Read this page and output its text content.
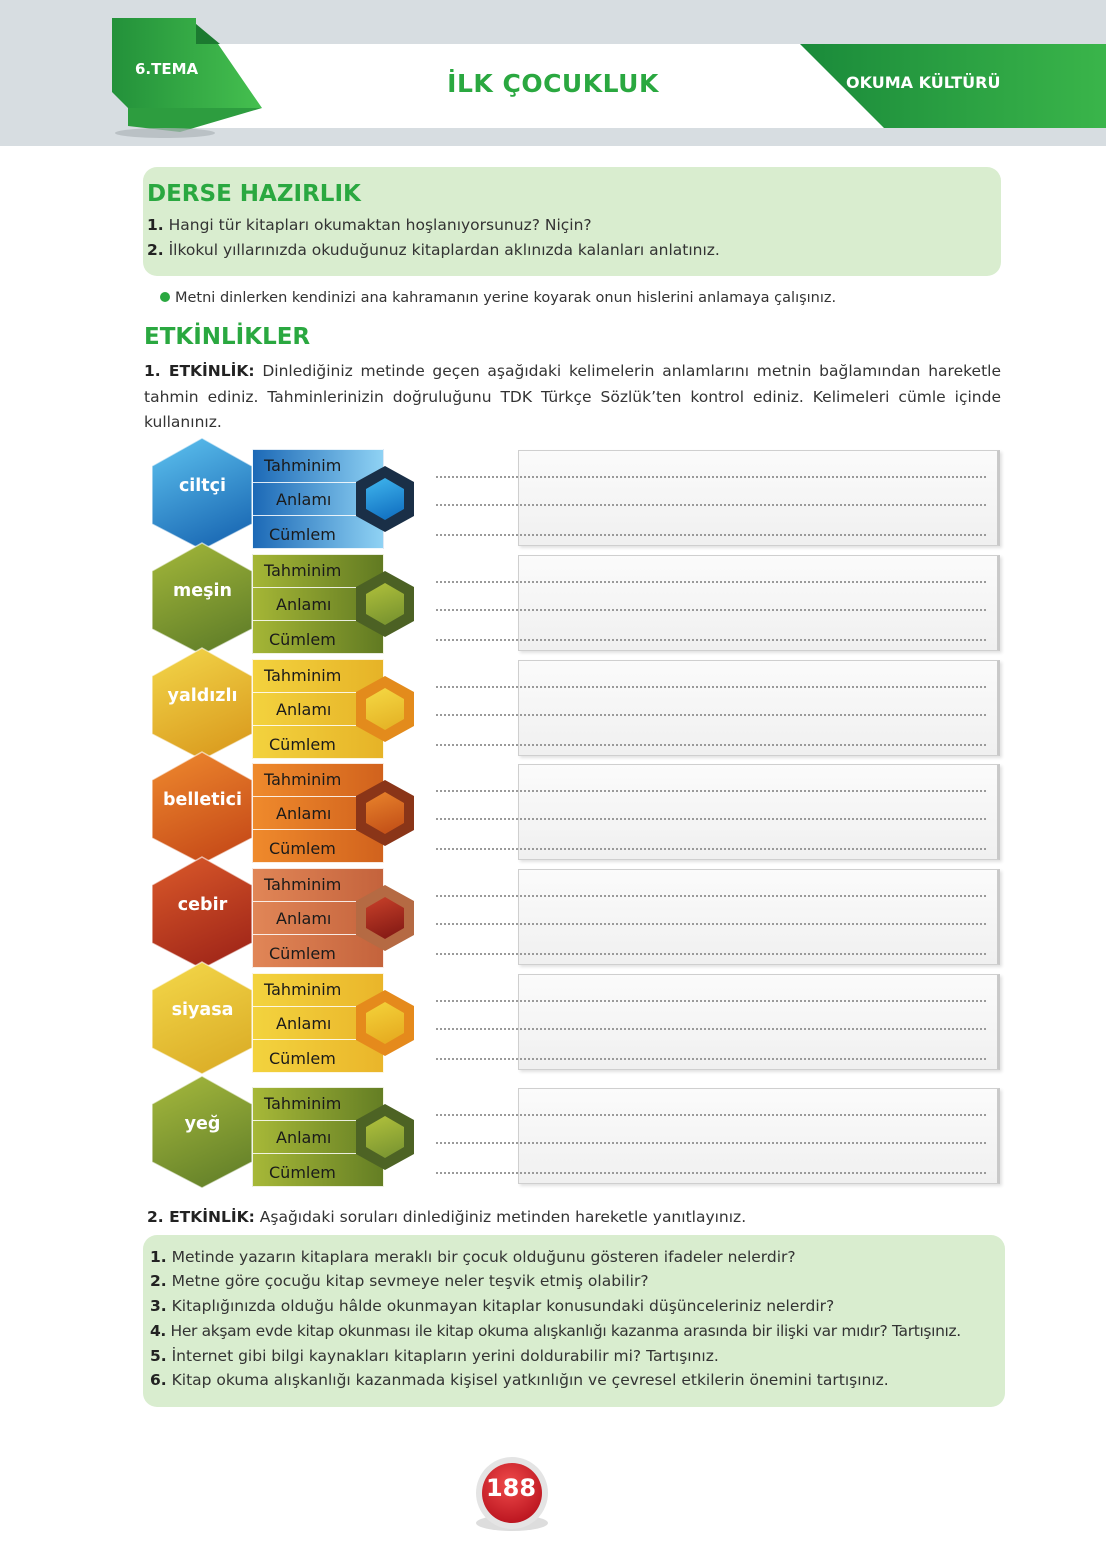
6.TEMA	İLK ÇOCUKLUK	OKUMA KÜLTÜRÜ
DERSE HAZIRLIK
1. Hangi tür kitapları okumaktan hoşlanıyorsunuz? Niçin?
2. İlkokul yıllarınızda okuduğunuz kitaplardan aklınızda kalanları anlatınız.
Metni dinlerken kendinizi ana kahramanın yerine koyarak onun hislerini anlamaya çalışınız.
ETKİNLİKLER
1. ETKİNLİK: Dinlediğiniz metinde geçen aşağıdaki kelimelerin anlamlarını metnin bağlamından hareketle tahmin ediniz. Tahminlerinizin doğruluğunu TDK Türkçe Sözlük’ten kontrol ediniz. Kelimeleri cümle içinde kullanınız.
ciltçi
Tahminim
Anlamı
Cümlem
meşin
Tahminim
Anlamı
Cümlem
yaldızlı
Tahminim
Anlamı
Cümlem
belletici
Tahminim
Anlamı
Cümlem
cebir
Tahminim
Anlamı
Cümlem
siyasa
Tahminim
Anlamı
Cümlem
yeğ
Tahminim
Anlamı
Cümlem
2. ETKİNLİK: Aşağıdaki soruları dinlediğiniz metinden hareketle yanıtlayınız.
1. Metinde yazarın kitaplara meraklı bir çocuk olduğunu gösteren ifadeler nelerdir?
2. Metne göre çocuğu kitap sevmeye neler teşvik etmiş olabilir?
3. Kitaplığınızda olduğu hâlde okunmayan kitaplar konusundaki düşünceleriniz nelerdir?
4. Her akşam evde kitap okunması ile kitap okuma alışkanlığı kazanma arasında bir ilişki var mıdır? Tartışınız.
5. İnternet gibi bilgi kaynakları kitapların yerini doldurabilir mi? Tartışınız.
6. Kitap okuma alışkanlığı kazanmada kişisel yatkınlığın ve çevresel etkilerin önemini tartışınız.
188
